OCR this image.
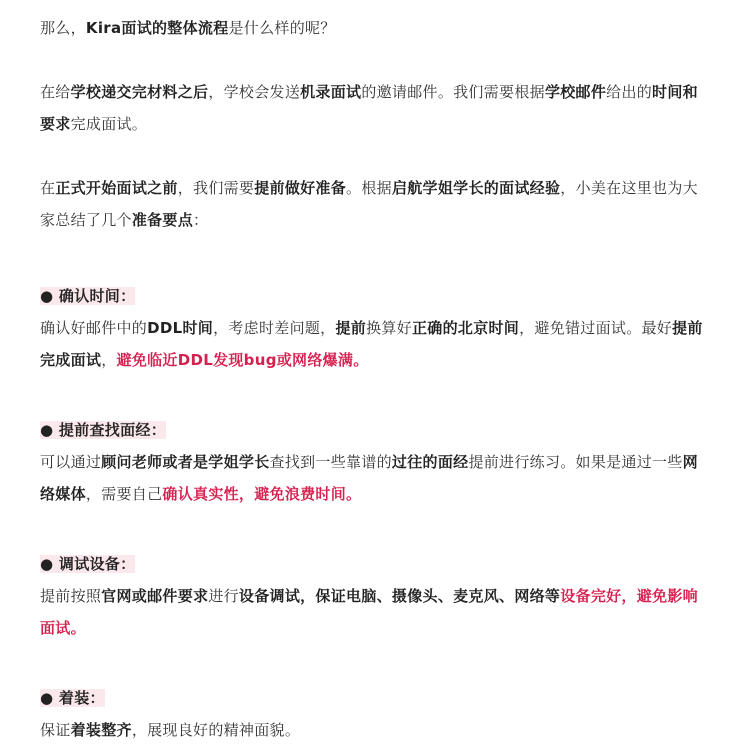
那么，Kira面试的整体流程是什么样的呢？

在给学校递交完材料之后，学校会发送机录面试的邀请邮件。我们需要根据学校邮件给出的时间和要求完成面试。

在正式开始面试之前，我们需要提前做好准备。根据启航学姐学长的面试经验，小美在这里也为大家总结了几个准备要点：

● 确认时间：

确认好邮件中的DDL时间，考虑时差问题，提前换算好正确的北京时间，避免错过面试。最好提前完成面试，避免临近DDL发现bug或网络爆满。

● 提前查找面经：

可以通过顾问老师或者是学姐学长查找到一些靠谱的过往的面经提前进行练习。如果是通过一些网络媒体，需要自己确认真实性，避免浪费时间。

● 调试设备：

提前按照官网或邮件要求进行设备调试，保证电脑、摄像头、麦克风、网络等设备完好，避免影响面试。

● 着装：

保证着装整齐，展现良好的精神面貌。
